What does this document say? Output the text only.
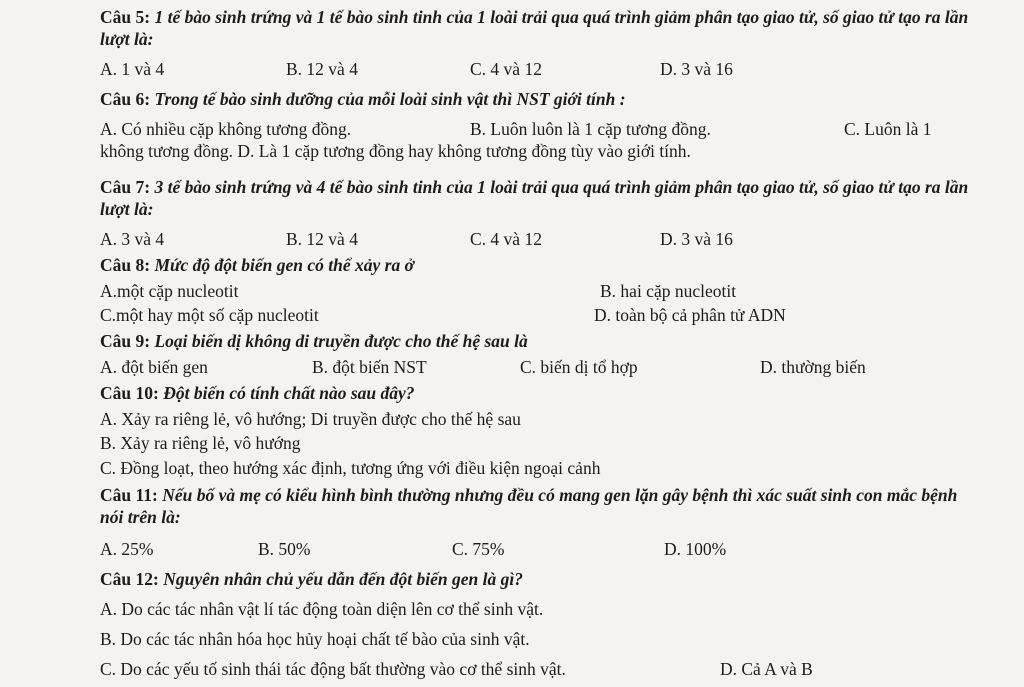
Câu 5: 1 tế bào sinh trứng và 1 tế bào sinh tinh của 1 loài trải qua quá trình giảm phân tạo giao tử, số giao tử tạo ra lần lượt là:
A. 1 và 4	B. 12 và 4	C. 4 và 12	D. 3 và 16
Câu 6: Trong tế bào sinh dưỡng của mỗi loài sinh vật thì NST giới tính :
A. Có nhiều cặp không tương đồng.	B. Luôn luôn là 1 cặp tương đồng.	C. Luôn là 1 không tương đồng. D. Là 1 cặp tương đồng hay không tương đồng tùy vào giới tính.
Câu 7: 3 tế bào sinh trứng và 4 tế bào sinh tinh của 1 loài trải qua quá trình giảm phân tạo giao tử, số giao tử tạo ra lần lượt là:
A. 3 và 4	B. 12 và 4	C. 4 và 12	D. 3 và 16
Câu 8: Mức độ đột biến gen có thể xảy ra ở
A.một cặp nucleotit	B. hai cặp nucleotit
C.một hay một số cặp nucleotit	D. toàn bộ cả phân tử ADN
Câu 9: Loại biến dị không di truyền được cho thế hệ sau là
A. đột biến gen	B. đột biến NST	C. biến dị tổ hợp	D. thường biến
Câu 10: Đột biến có tính chất nào sau đây?
A. Xảy ra riêng lẻ, vô hướng; Di truyền được cho thế hệ sau
B. Xảy ra riêng lẻ, vô hướng
C. Đồng loạt, theo hướng xác định, tương ứng với điều kiện ngoại cảnh
Câu 11: Nếu bố và mẹ có kiểu hình bình thường nhưng đều có mang gen lặn gây bệnh thì xác suất sinh con mắc bệnh nói trên là:
A. 25%	B. 50%	C. 75%	D. 100%
Câu 12: Nguyên nhân chủ yếu dẫn đến đột biến gen là gì?
A. Do các tác nhân vật lí tác động toàn diện lên cơ thể sinh vật.
B. Do các tác nhân hóa học hủy hoại chất tế bào của sinh vật.
C. Do các yếu tố sinh thái tác động bất thường vào cơ thể sinh vật.	D. Cả A và B
